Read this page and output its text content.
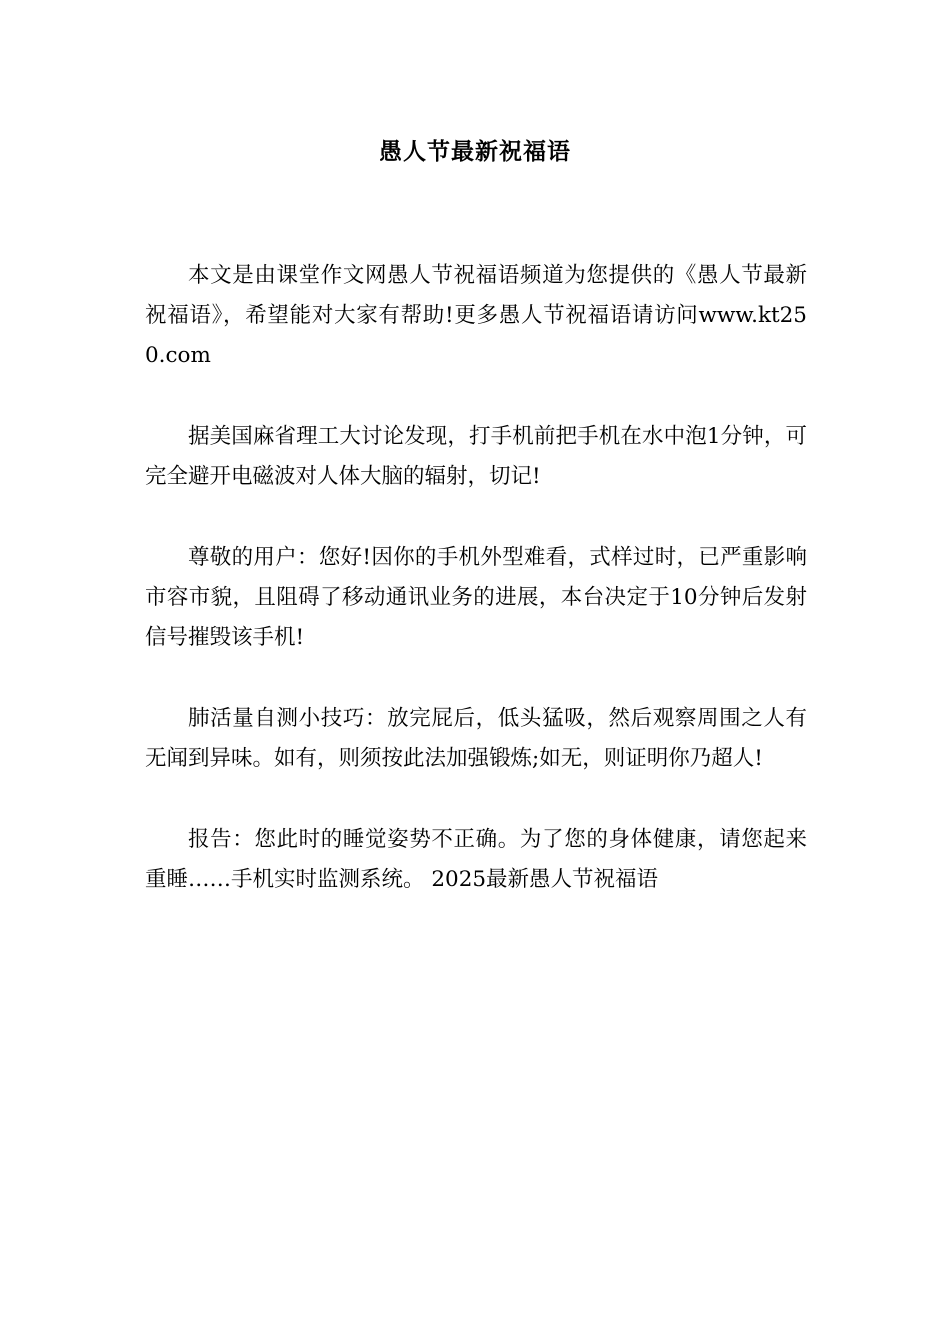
愚人节最新祝福语

本文是由课堂作文网愚人节祝福语频道为您提供的《愚人节最新祝福语》，希望能对大家有帮助!更多愚人节祝福语请访问www.kt250.com

据美国麻省理工大讨论发现，打手机前把手机在水中泡1分钟，可完全避开电磁波对人体大脑的辐射，切记!

尊敬的用户：您好!因你的手机外型难看，式样过时，已严重影响市容市貌，且阻碍了移动通讯业务的进展，本台决定于10分钟后发射信号摧毁该手机!

肺活量自测小技巧：放完屁后，低头猛吸，然后观察周围之人有无闻到异味。如有，则须按此法加强锻炼;如无，则证明你乃超人!

报告：您此时的睡觉姿势不正确。为了您的身体健康，请您起来重睡……手机实时监测系统。 2025最新愚人节祝福语
